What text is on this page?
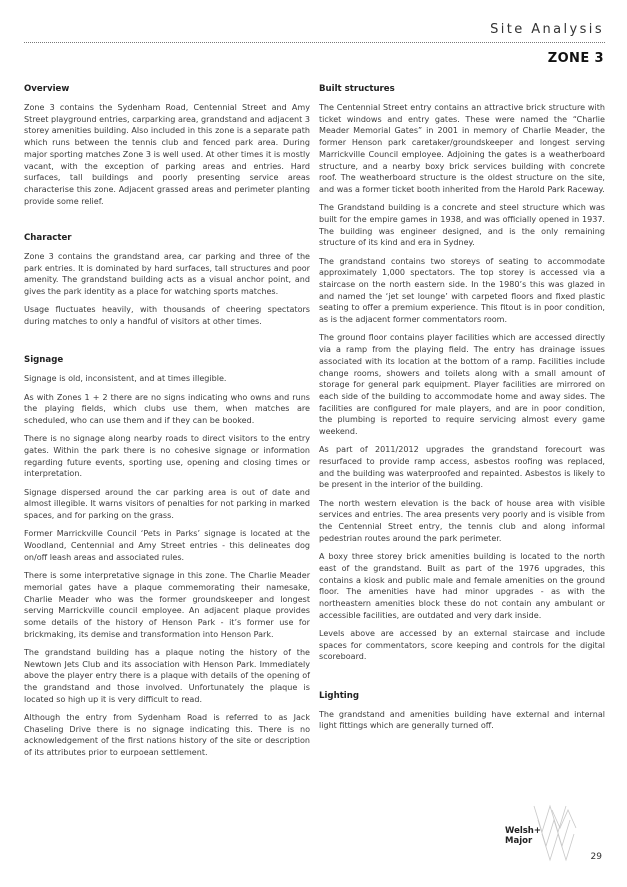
Site Analysis
ZONE 3
Overview

Zone 3 contains the Sydenham Road, Centennial Street and Amy Street playground entries, carparking area, grandstand and adjacent 3 storey amenities building. Also included in this zone is a separate path which runs between the tennis club and fenced park area. During major sporting matches Zone 3 is well used. At other times it is mostly vacant, with the exception of parking areas and entries. Hard surfaces, tall buildings and poorly presenting service areas characterise this zone. Adjacent grassed areas and perimeter planting provide some relief.

Character

Zone 3 contains the grandstand area, car parking and three of the park entries. It is dominated by hard surfaces, tall structures and poor amenity. The grandstand building acts as a visual anchor point, and gives the park identity as a place for watching sports matches.

Usage fluctuates heavily, with thousands of cheering spectators during matches to only a handful of visitors at other times.

Signage

Signage is old, inconsistent, and at times illegible.

As with Zones 1 + 2 there are no signs indicating who owns and runs the playing fields, which clubs use them, when matches are scheduled, who can use them and if they can be booked.

There is no signage along nearby roads to direct visitors to the entry gates. Within the park there is no cohesive signage or information regarding future events, sporting use, opening and closing times or interpretation.

Signage dispersed around the car parking area is out of date and almost illegible. It warns visitors of penalties for not parking in marked spaces, and for parking on the grass.

Former Marrickville Council ‘Pets in Parks’ signage is located at the Woodland, Centennial and Amy Street entries - this delineates dog on/off leash areas and associated rules.

There is some interpretative signage in this zone. The Charlie Meader memorial gates have a plaque commemorating their namesake, Charlie Meader who was the former groundskeeper and longest serving Marrickville council employee. An adjacent plaque provides some details of the history of Henson Park - it’s former use for brickmaking, its demise and transformation into Henson Park.

The grandstand building has a plaque noting the history of the Newtown Jets Club and its association with Henson Park. Immediately above the player entry there is a plaque with details of the opening of the grandstand and those involved. Unfortunately the plaque is located so high up it is very difficult to read.

Although the entry from Sydenham Road is referred to as Jack Chaseling Drive there is no signage indicating this. There is no acknowledgement of the first nations history of the site or description of its attributes prior to eurpoean settlement.

Built structures

The Centennial Street entry contains an attractive brick structure with ticket windows and entry gates. These were named the “Charlie Meader Memorial Gates” in 2001 in memory of Charlie Meader, the former Henson park caretaker/groundskeeper and longest serving Marrickville Council employee. Adjoining the gates is a weatherboard structure, and a nearby boxy brick services building with concrete roof. The weatherboard structure is the oldest structure on the site, and was a former ticket booth inherited from the Harold Park Raceway.

The Grandstand building is a concrete and steel structure which was built for the empire games in 1938, and was officially opened in 1937. The building was engineer designed, and is the only remaining structure of its kind and era in Sydney.

The grandstand contains two storeys of seating to accommodate approximately 1,000 spectators. The top storey is accessed via a staircase on the north eastern side. In the 1980’s this was glazed in and named the ‘jet set lounge’ with carpeted floors and fixed plastic seating to offer a premium experience. This fitout is in poor condition, as is the adjacent former commentators room.

The ground floor contains player facilities which are accessed directly via a ramp from the playing field. The entry has drainage issues associated with its location at the bottom of a ramp. Facilities include change rooms, showers and toilets along with a small amount of storage for general park equipment. Player facilities are mirrored on each side of the building to accommodate home and away sides. The facilities are configured for male players, and are in poor condition, the plumbing is reported to require servicing almost every game weekend.

As part of 2011/2012 upgrades the grandstand forecourt was resurfaced to provide ramp access, asbestos roofing was replaced, and the building was waterproofed and repainted. Asbestos is likely to be present in the interior of the building.

The north western elevation is the back of house area with visible services and entries. The area presents very poorly and is visible from the Centennial Street entry, the tennis club and along informal pedestrian routes around the park perimeter.

A boxy three storey brick amenities building is located to the north east of the grandstand. Built as part of the 1976 upgrades, this contains a kiosk and public male and female amenities on the ground floor. The amenities have had minor upgrades - as with the northeastern amenities block these do not contain any ambulant or accessible facilities, are outdated and very dark inside.

Levels above are accessed by an external staircase and include spaces for commentators, score keeping and controls for the digital scoreboard.

Lighting

The grandstand and amenities building have external and internal light fittings which are generally turned off.

Welsh+
Major
29
